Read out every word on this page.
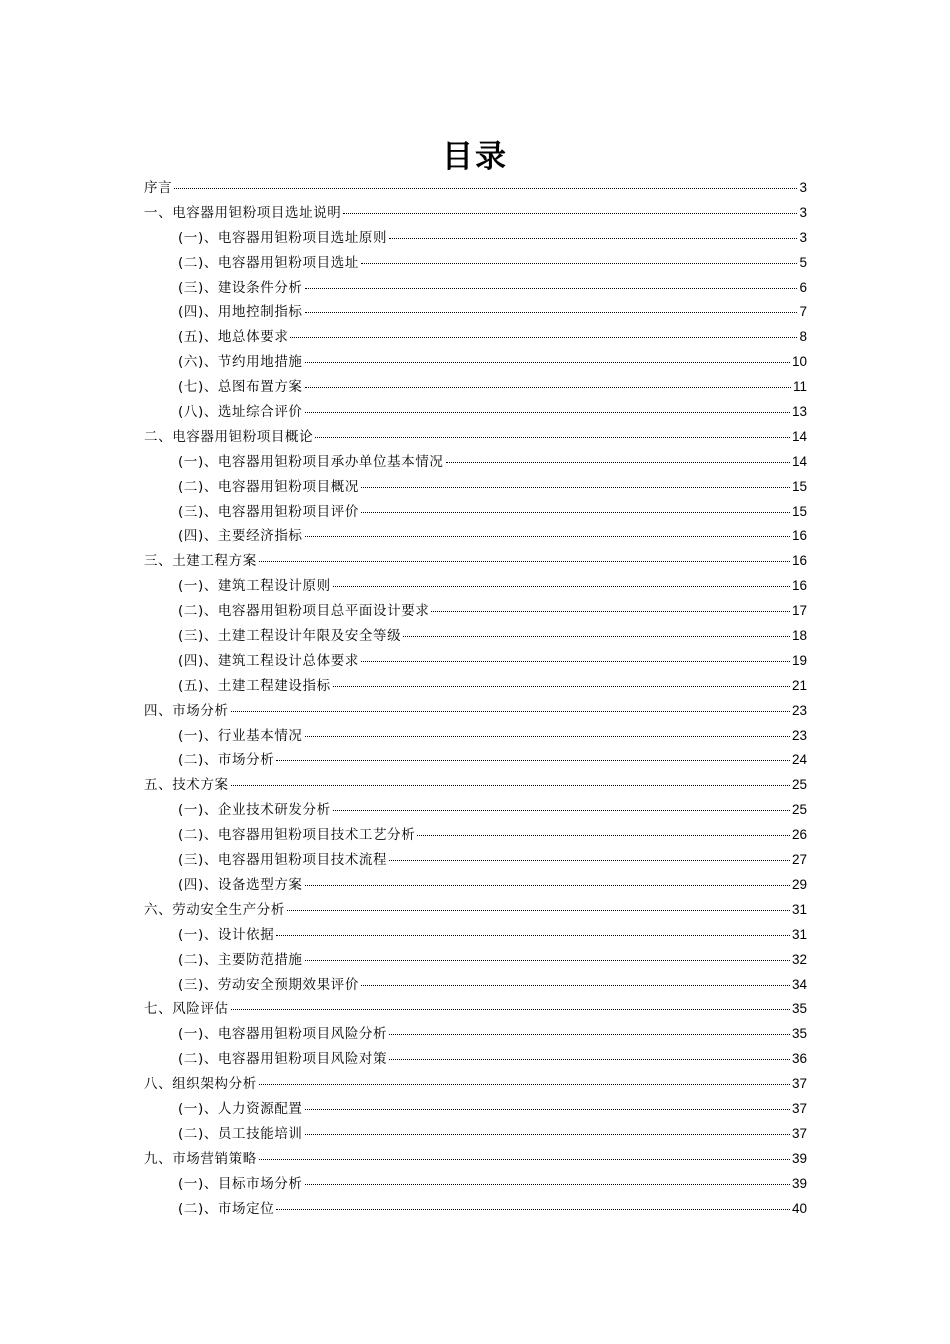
目录
序言	3
一、电容器用钽粉项目选址说明	3
(一)、电容器用钽粉项目选址原则	3
(二)、电容器用钽粉项目选址	5
(三)、建设条件分析	6
(四)、用地控制指标	7
(五)、地总体要求	8
(六)、节约用地措施	10
(七)、总图布置方案	11
(八)、选址综合评价	13
二、电容器用钽粉项目概论	14
(一)、电容器用钽粉项目承办单位基本情况	14
(二)、电容器用钽粉项目概况	15
(三)、电容器用钽粉项目评价	15
(四)、主要经济指标	16
三、土建工程方案	16
(一)、建筑工程设计原则	16
(二)、电容器用钽粉项目总平面设计要求	17
(三)、土建工程设计年限及安全等级	18
(四)、建筑工程设计总体要求	19
(五)、土建工程建设指标	21
四、市场分析	23
(一)、行业基本情况	23
(二)、市场分析	24
五、技术方案	25
(一)、企业技术研发分析	25
(二)、电容器用钽粉项目技术工艺分析	26
(三)、电容器用钽粉项目技术流程	27
(四)、设备选型方案	29
六、劳动安全生产分析	31
(一)、设计依据	31
(二)、主要防范措施	32
(三)、劳动安全预期效果评价	34
七、风险评估	35
(一)、电容器用钽粉项目风险分析	35
(二)、电容器用钽粉项目风险对策	36
八、组织架构分析	37
(一)、人力资源配置	37
(二)、员工技能培训	37
九、市场营销策略	39
(一)、目标市场分析	39
(二)、市场定位	40
